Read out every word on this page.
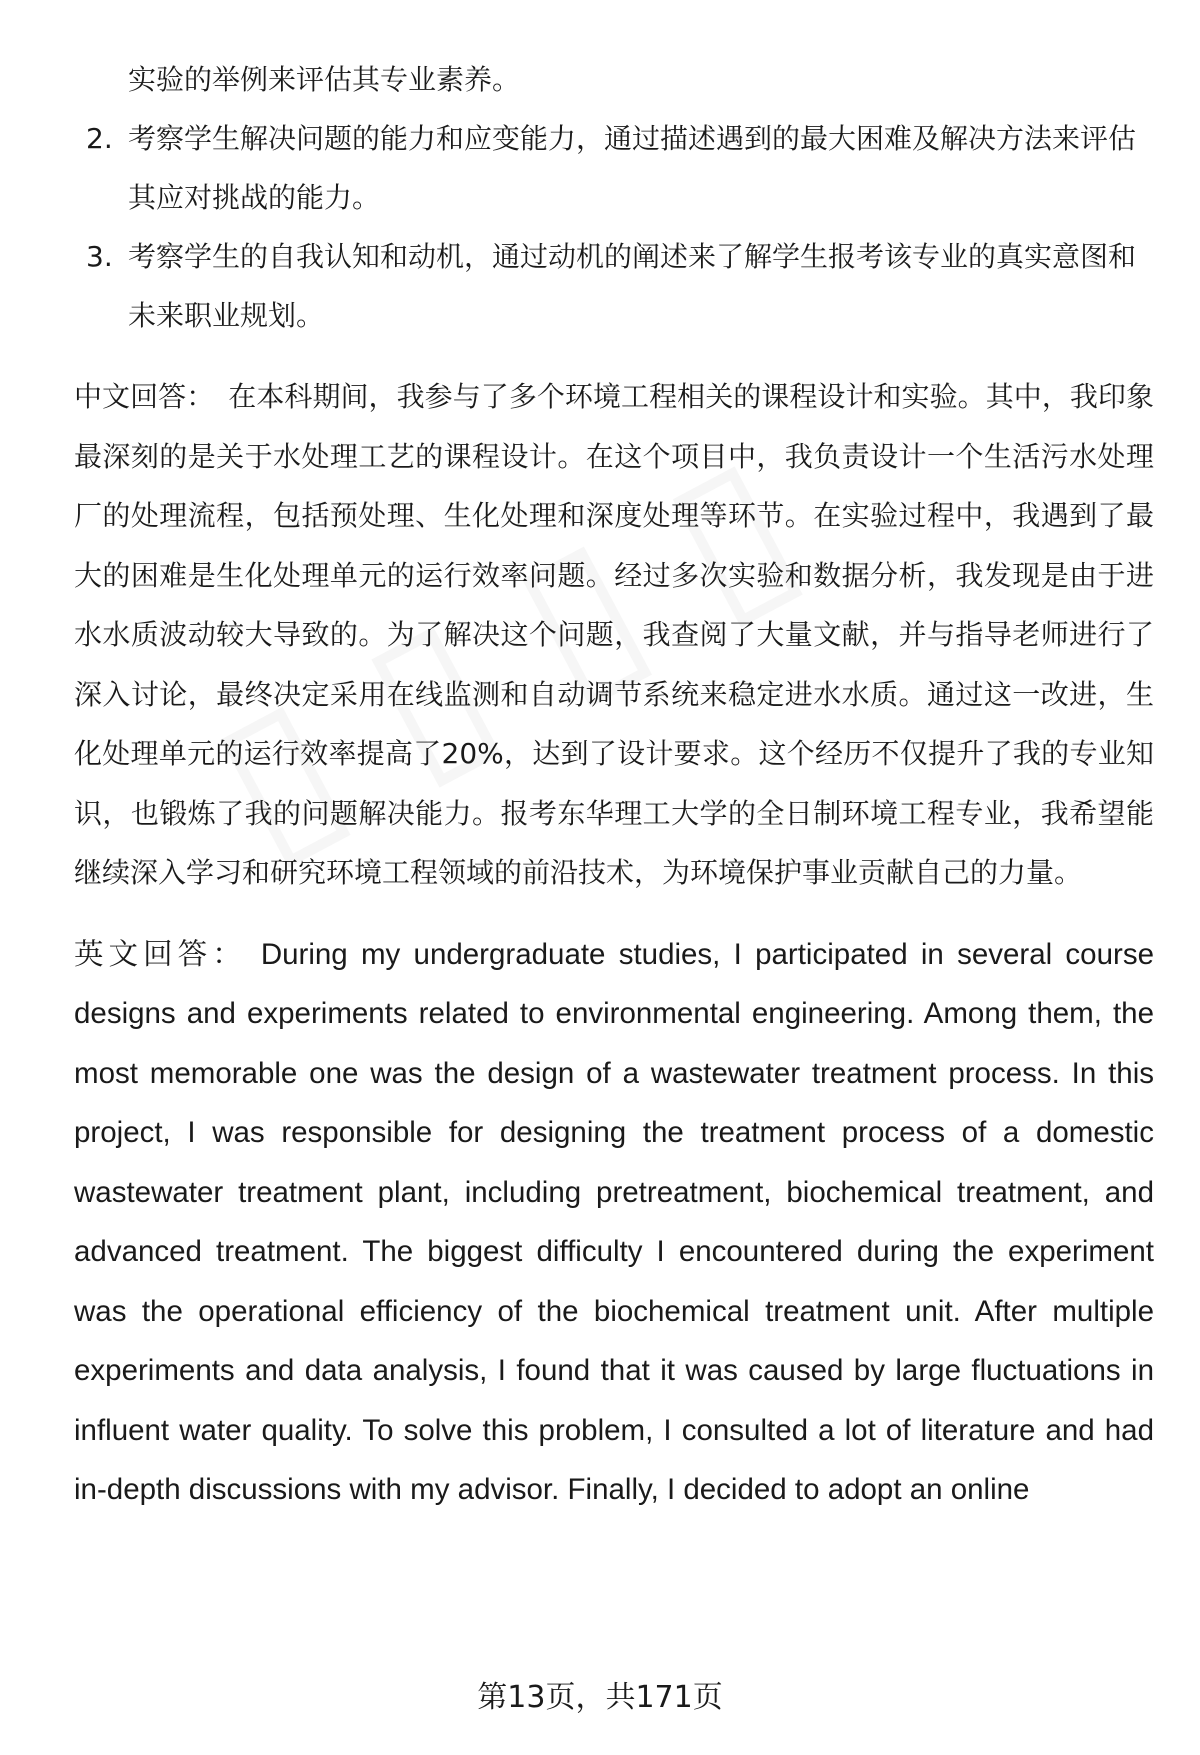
实验的举例来评估其专业素养。
2. 考察学生解决问题的能力和应变能力，通过描述遇到的最大困难及解决方法来评估其应对挑战的能力。
3. 考察学生的自我认知和动机，通过动机的阐述来了解学生报考该专业的真实意图和未来职业规划。

中文回答： 在本科期间，我参与了多个环境工程相关的课程设计和实验。其中，我印象最深刻的是关于水处理工艺的课程设计。在这个项目中，我负责设计一个生活污水处理厂的处理流程，包括预处理、生化处理和深度处理等环节。在实验过程中，我遇到了最大的困难是生化处理单元的运行效率问题。经过多次实验和数据分析，我发现是由于进水水质波动较大导致的。为了解决这个问题，我查阅了大量文献，并与指导老师进行了深入讨论，最终决定采用在线监测和自动调节系统来稳定进水水质。通过这一改进，生化处理单元的运行效率提高了20%，达到了设计要求。这个经历不仅提升了我的专业知识，也锻炼了我的问题解决能力。报考东华理工大学的全日制环境工程专业，我希望能继续深入学习和研究环境工程领域的前沿技术，为环境保护事业贡献自己的力量。

英文回答： During my undergraduate studies, I participated in several course designs and experiments related to environmental engineering. Among them, the most memorable one was the design of a wastewater treatment process. In this project, I was responsible for designing the treatment process of a domestic wastewater treatment plant, including pretreatment, biochemical treatment, and advanced treatment. The biggest difficulty I encountered during the experiment was the operational efficiency of the biochemical treatment unit. After multiple experiments and data analysis, I found that it was caused by large fluctuations in influent water quality. To solve this problem, I consulted a lot of literature and had in-depth discussions with my advisor. Finally, I decided to adopt an online

第13页，共171页
